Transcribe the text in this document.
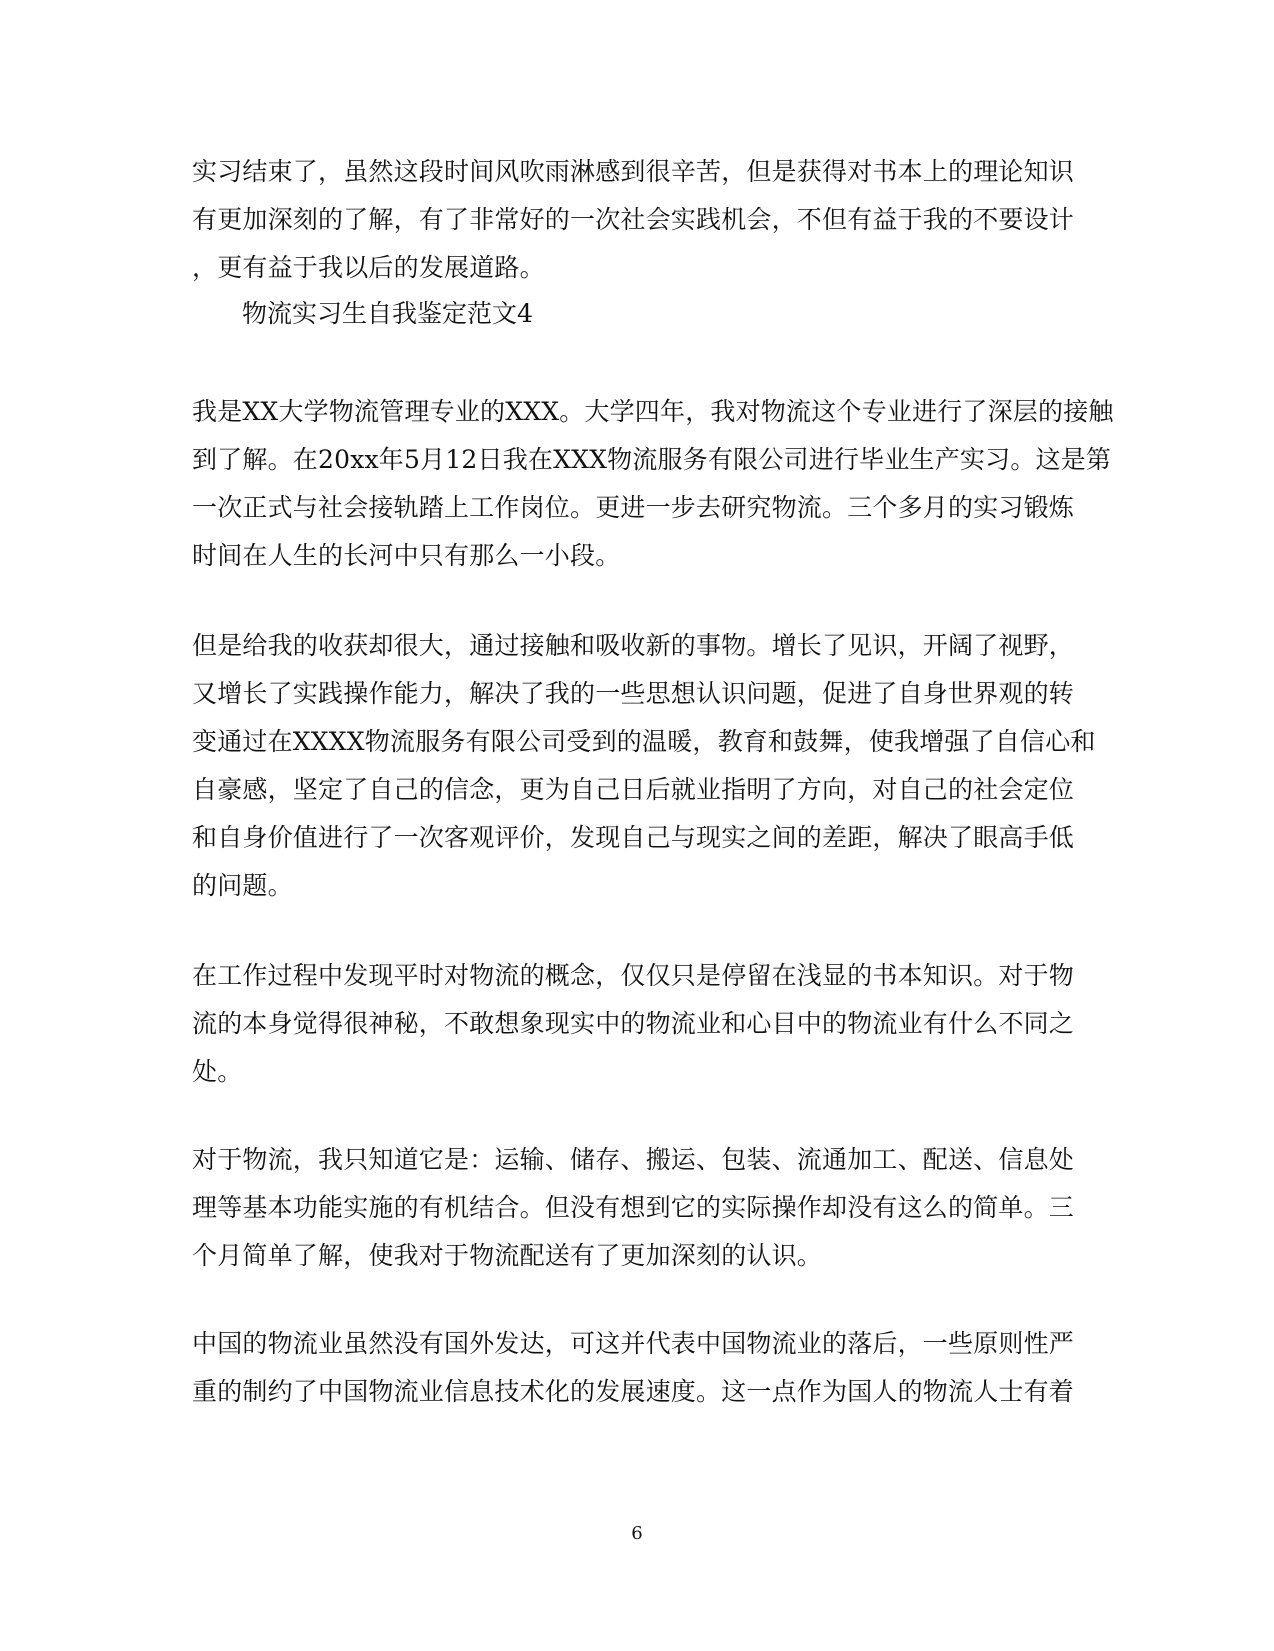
实习结束了，虽然这段时间风吹雨淋感到很辛苦，但是获得对书本上的理论知识
有更加深刻的了解，有了非常好的一次社会实践机会，不但有益于我的不要设计
，更有益于我以后的发展道路。
物流实习生自我鉴定范文4
我是XX大学物流管理专业的XXX。大学四年，我对物流这个专业进行了深层的接触
到了解。在20xx年5月12日我在XXX物流服务有限公司进行毕业生产实习。这是第
一次正式与社会接轨踏上工作岗位。更进一步去研究物流。三个多月的实习锻炼
时间在人生的长河中只有那么一小段。
但是给我的收获却很大，通过接触和吸收新的事物。增长了见识，开阔了视野，
又增长了实践操作能力，解决了我的一些思想认识问题，促进了自身世界观的转
变通过在XXXX物流服务有限公司受到的温暖，教育和鼓舞，使我增强了自信心和
自豪感，坚定了自己的信念，更为自己日后就业指明了方向，对自己的社会定位
和自身价值进行了一次客观评价，发现自己与现实之间的差距，解决了眼高手低
的问题。
在工作过程中发现平时对物流的概念，仅仅只是停留在浅显的书本知识。对于物
流的本身觉得很神秘，不敢想象现实中的物流业和心目中的物流业有什么不同之
处。
对于物流，我只知道它是：运输、储存、搬运、包装、流通加工、配送、信息处
理等基本功能实施的有机结合。但没有想到它的实际操作却没有这么的简单。三
个月简单了解，使我对于物流配送有了更加深刻的认识。
中国的物流业虽然没有国外发达，可这并代表中国物流业的落后，一些原则性严
重的制约了中国物流业信息技术化的发展速度。这一点作为国人的物流人士有着
6
